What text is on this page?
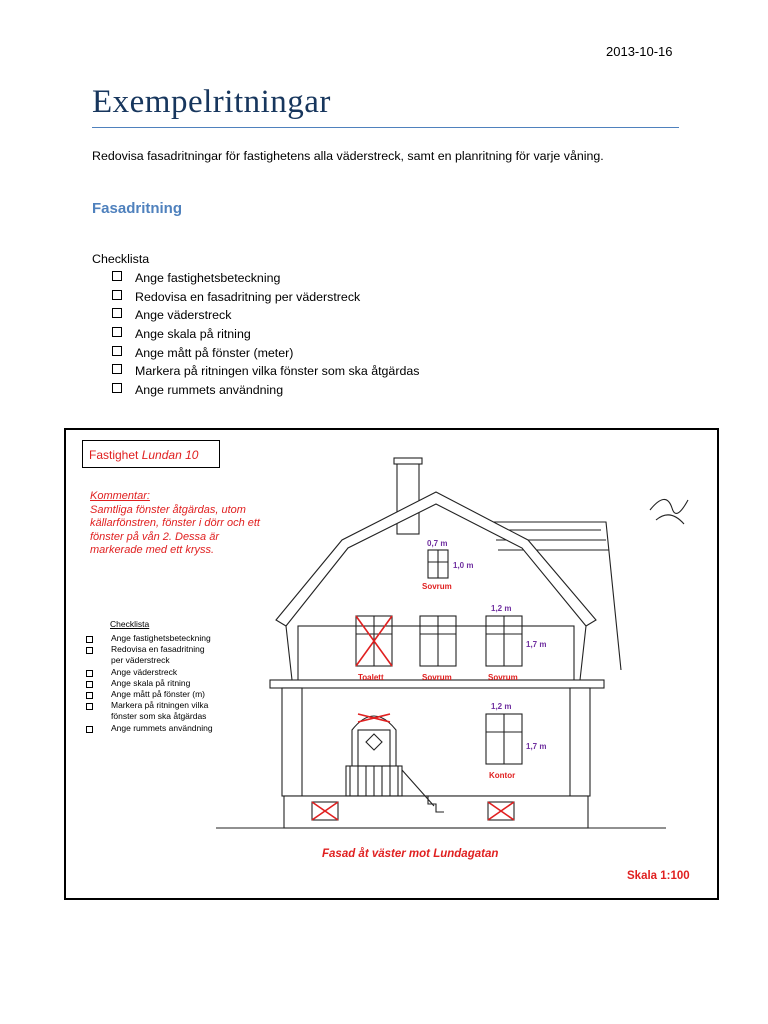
2013-10-16
Exempelritningar
Redovisa fasadritningar för fastighetens alla väderstreck, samt en planritning för varje våning.
Fasadritning
Checklista
Ange fastighetsbeteckning
Redovisa en fasadritning per väderstreck
Ange väderstreck
Ange skala på ritning
Ange mått på fönster (meter)
Markera på ritningen vilka fönster som ska åtgärdas
Ange rummets användning
Fastighet Lundan 10
Kommentar:
Samtliga fönster åtgärdas, utom källarfönstren, fönster i dörr och ett fönster på vån 2. Dessa är markerade med ett kryss.
Checklista
Ange fastighetsbeteckning
Redovisa en fasadritning
per väderstreck
Ange väderstreck
Ange skala på ritning
Ange mått på fönster (m)
Markera på ritningen vilka
fönster som ska åtgärdas
Ange rummets användning
0,7 m
1,0 m
1,2 m
1,7 m
1,2 m
1,7 m
Sovrum
Toalett	Sovrum	Sovrum
Kontor
Fasad åt väster mot Lundagatan
Skala 1:100
